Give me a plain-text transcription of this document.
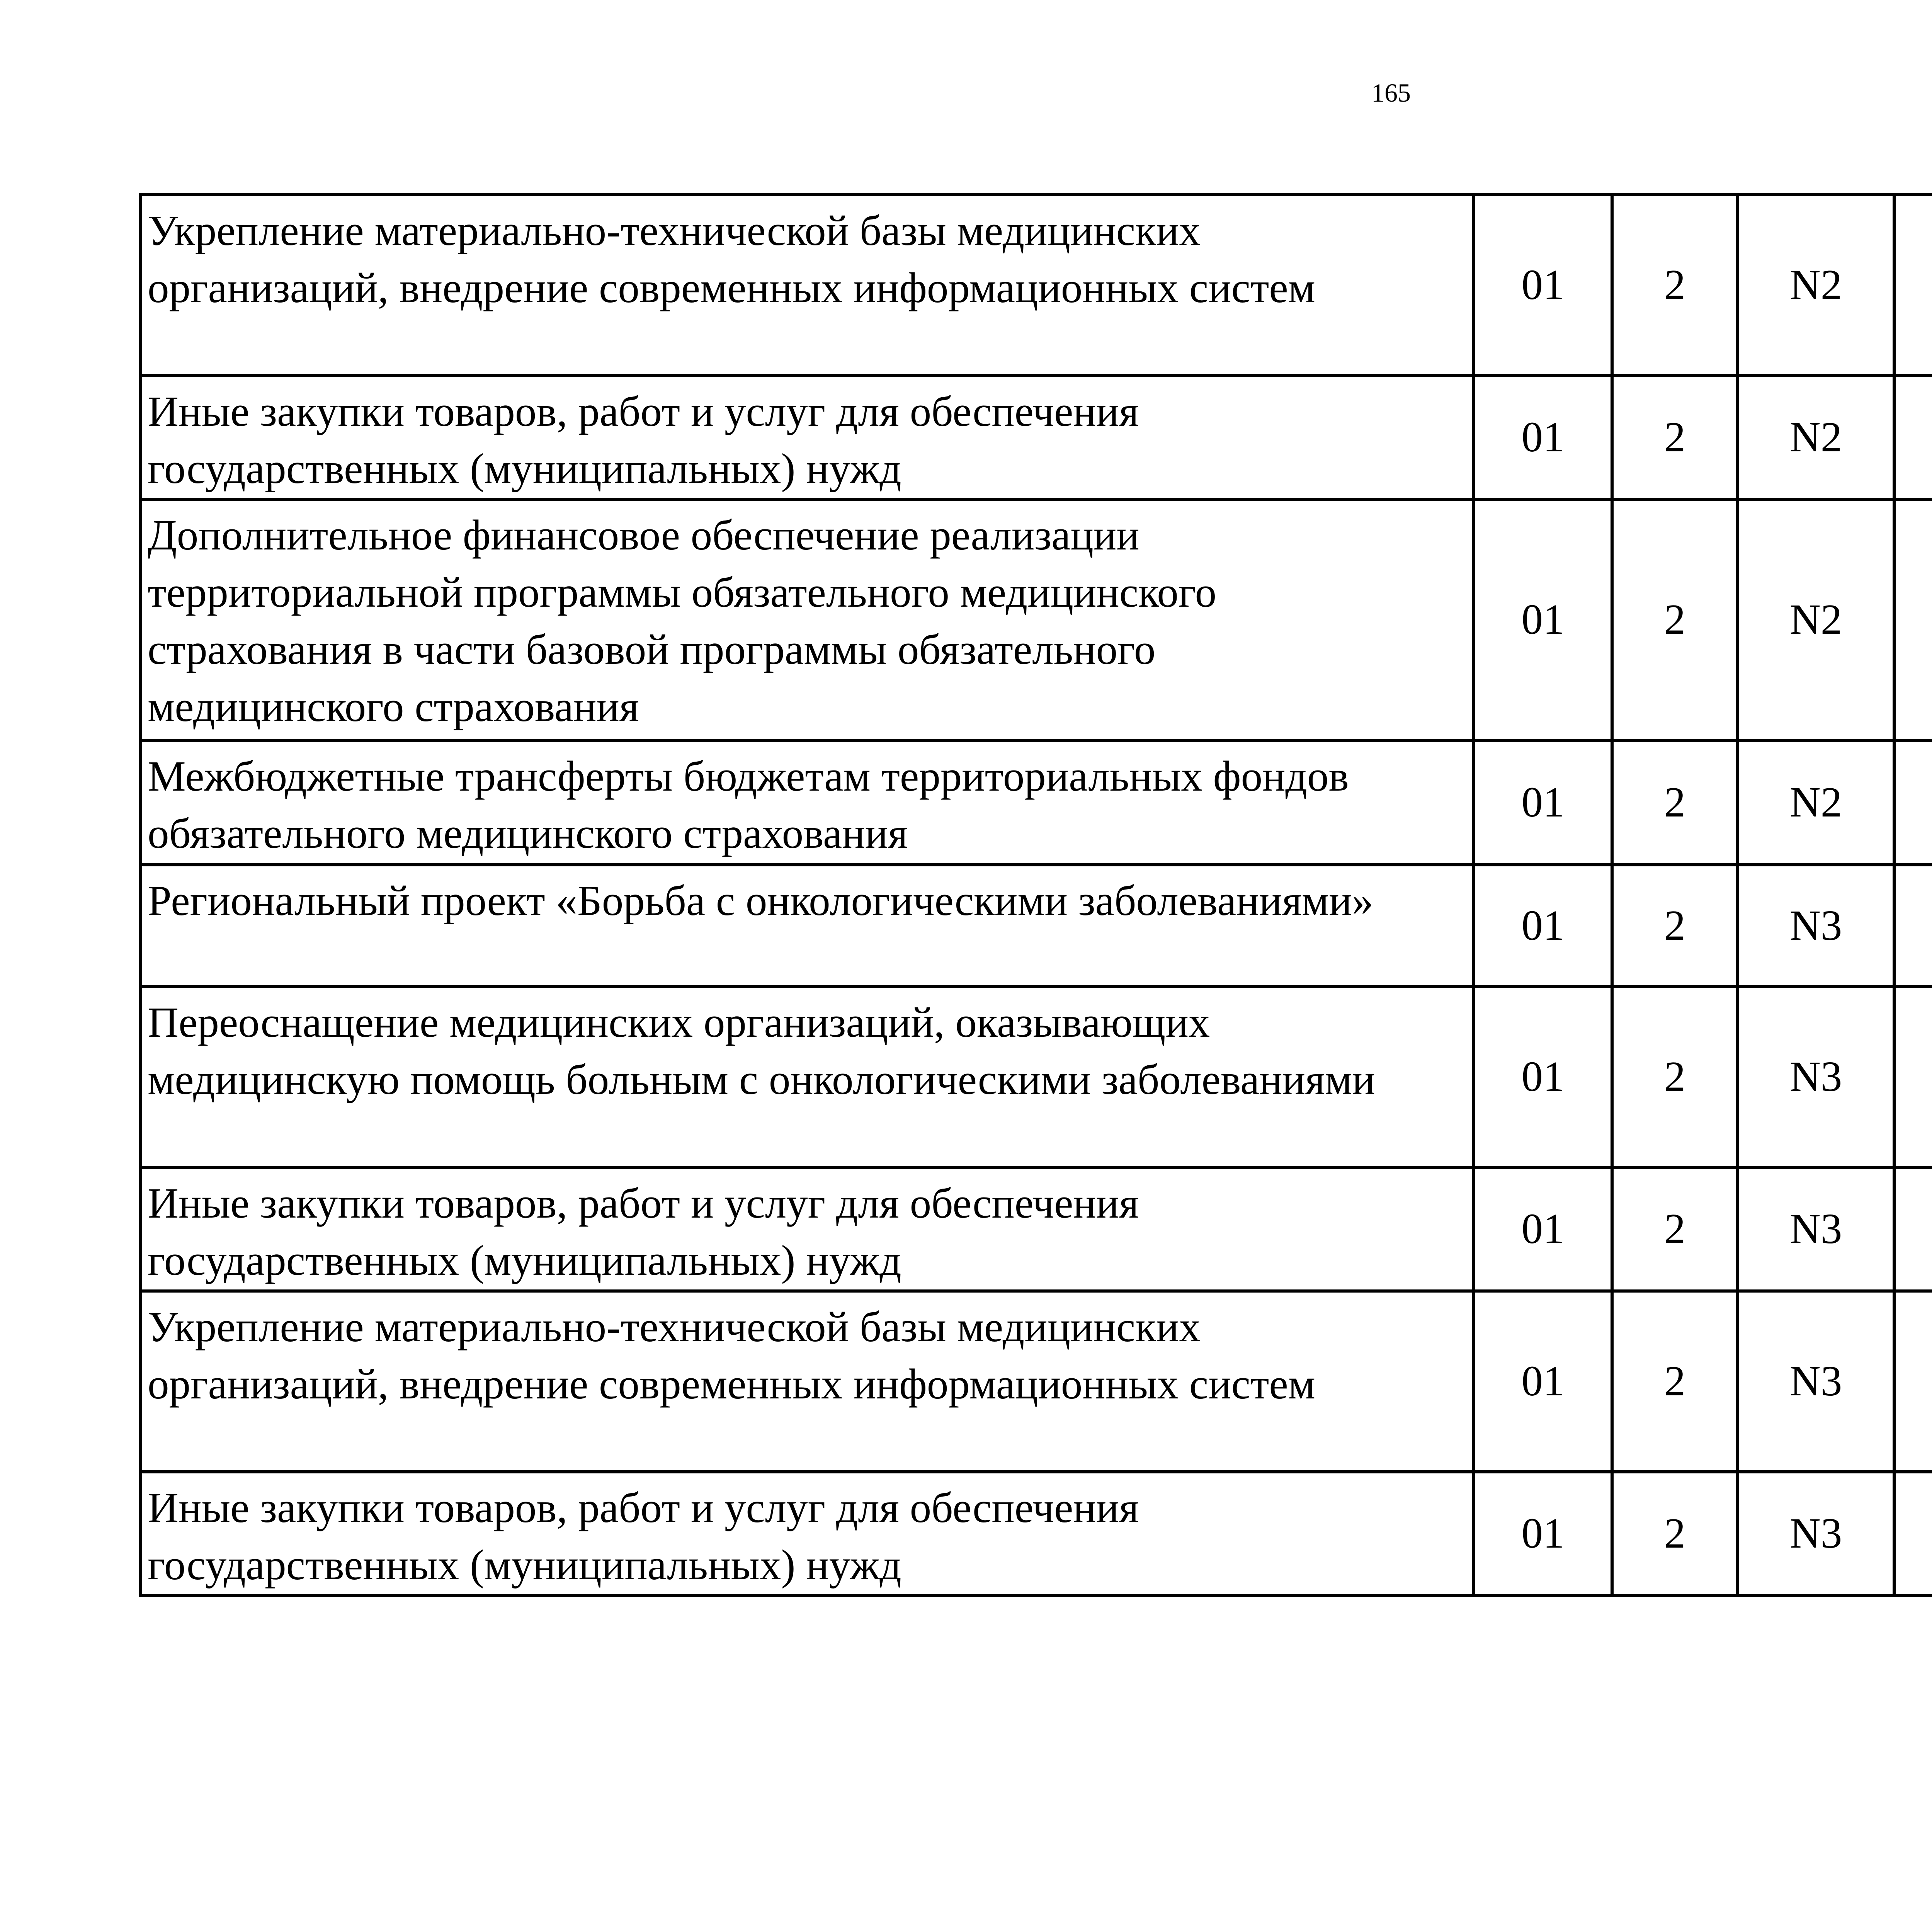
165
Укрепление материально-технической базы медицинских
организаций, внедрение современных информационных систем	01	2	N2			
Иные закупки товаров, работ и услуг для обеспечения
государственных (муниципальных) нужд	01	2	N2			
Дополнительное финансовое обеспечение реализации
территориальной программы обязательного медицинского
страхования в части базовой программы обязательного
медицинского страхования	01	2	N2			
Межбюджетные трансферты бюджетам территориальных фондов
обязательного медицинского страхования	01	2	N2			
Региональный проект «Борьба с онкологическими заболеваниями»	01	2	N3			
Переоснащение медицинских организаций, оказывающих
медицинскую помощь больным с онкологическими заболеваниями	01	2	N3			
Иные закупки товаров, работ и услуг для обеспечения
государственных (муниципальных) нужд	01	2	N3			
Укрепление материально-технической базы медицинских
организаций, внедрение современных информационных систем	01	2	N3			
Иные закупки товаров, работ и услуг для обеспечения
государственных (муниципальных) нужд	01	2	N3			
